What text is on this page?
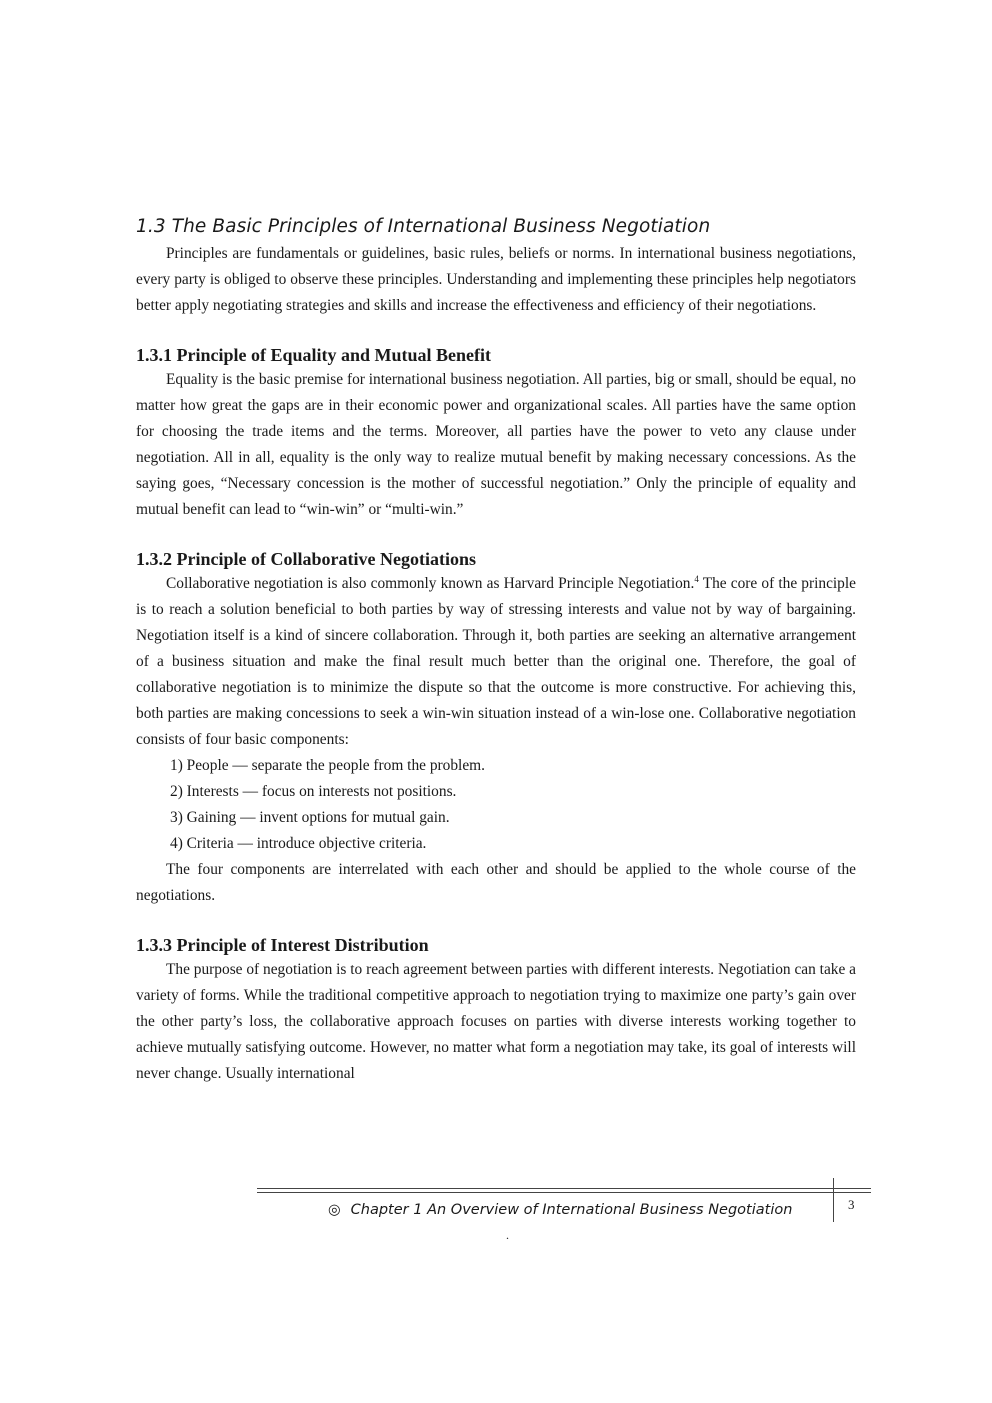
1.3 The Basic Principles of International Business Negotiation

Principles are fundamentals or guidelines, basic rules, beliefs or norms. In international business negotiations, every party is obliged to observe these principles. Understanding and implementing these principles help negotiators better apply negotiating strategies and skills and increase the effectiveness and efficiency of their negotiations.

1.3.1 Principle of Equality and Mutual Benefit

Equality is the basic premise for international business negotiation. All parties, big or small, should be equal, no matter how great the gaps are in their economic power and organizational scales. All parties have the same option for choosing the trade items and the terms. Moreover, all parties have the power to veto any clause under negotiation. All in all, equality is the only way to realize mutual benefit by making necessary concessions. As the saying goes, “Necessary concession is the mother of successful negotiation.” Only the principle of equality and mutual benefit can lead to “win-win” or “multi-win.”

1.3.2 Principle of Collaborative Negotiations

Collaborative negotiation is also commonly known as Harvard Principle Negotiation.$^4$ The core of the principle is to reach a solution beneficial to both parties by way of stressing interests and value not by way of bargaining. Negotiation itself is a kind of sincere collaboration. Through it, both parties are seeking an alternative arrangement of a business situation and make the final result much better than the original one. Therefore, the goal of collaborative negotiation is to minimize the dispute so that the outcome is more constructive. For achieving this, both parties are making concessions to seek a win-win situation instead of a win-lose one. Collaborative negotiation consists of four basic components:

1) People — separate the people from the problem.
2) Interests — focus on interests not positions.
3) Gaining — invent options for mutual gain.
4) Criteria — introduce objective criteria.

The four components are interrelated with each other and should be applied to the whole course of the negotiations.

1.3.3 Principle of Interest Distribution

The purpose of negotiation is to reach agreement between parties with different interests. Negotiation can take a variety of forms. While the traditional competitive approach to negotiation trying to maximize one party’s gain over the other party’s loss, the collaborative approach focuses on parties with diverse interests working together to achieve mutually satisfying outcome. However, no matter what form a negotiation may take, its goal of interests will never change. Usually international

◎ Chapter 1 An Overview of International Business Negotiation	3
.
